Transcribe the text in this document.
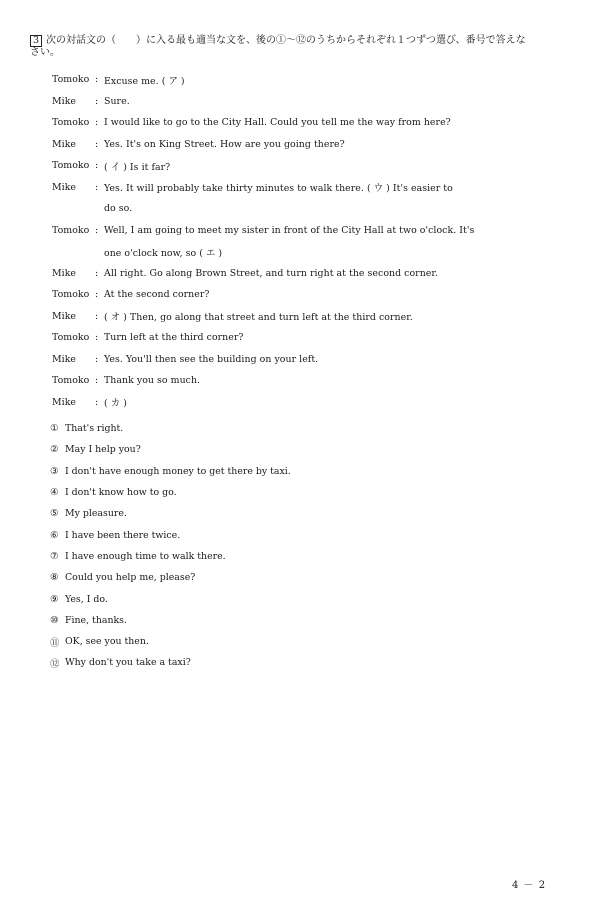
3 次の対話文の（　　）に入る最も適当な文を、後の①～⑫のうちからそれぞれ１つずつ選び、番号で答えな
さい。
Tomoko : Excuse me. ( ア )
Mike	: Sure.
Tomoko : I would like to go to the City Hall. Could you tell me the way from here?
Mike	: Yes. It's on King Street. How are you going there?
Tomoko : ( イ ) Is it far?
Mike	: Yes. It will probably take thirty minutes to walk there. ( ウ ) It's easier to
do so.
Tomoko : Well, I am going to meet my sister in front of the City Hall at two o'clock. It's
one o'clock now, so ( エ )
Mike	: All right. Go along Brown Street, and turn right at the second corner.
Tomoko : At the second corner?
Mike	: ( オ ) Then, go along that street and turn left at the third corner.
Tomoko : Turn left at the third corner?
Mike	: Yes. You'll then see the building on your left.
Tomoko : Thank you so much.
Mike	: ( カ )
① That's right.
② May I help you?
③ I don't have enough money to get there by taxi.
④ I don't know how to go.
⑤ My pleasure.
⑥ I have been there twice.
⑦ I have enough time to walk there.
⑧ Could you help me, please?
⑨ Yes, I do.
⑩ Fine, thanks.
⑪ OK, see you then.
⑫ Why don't you take a taxi?
4 － 2
